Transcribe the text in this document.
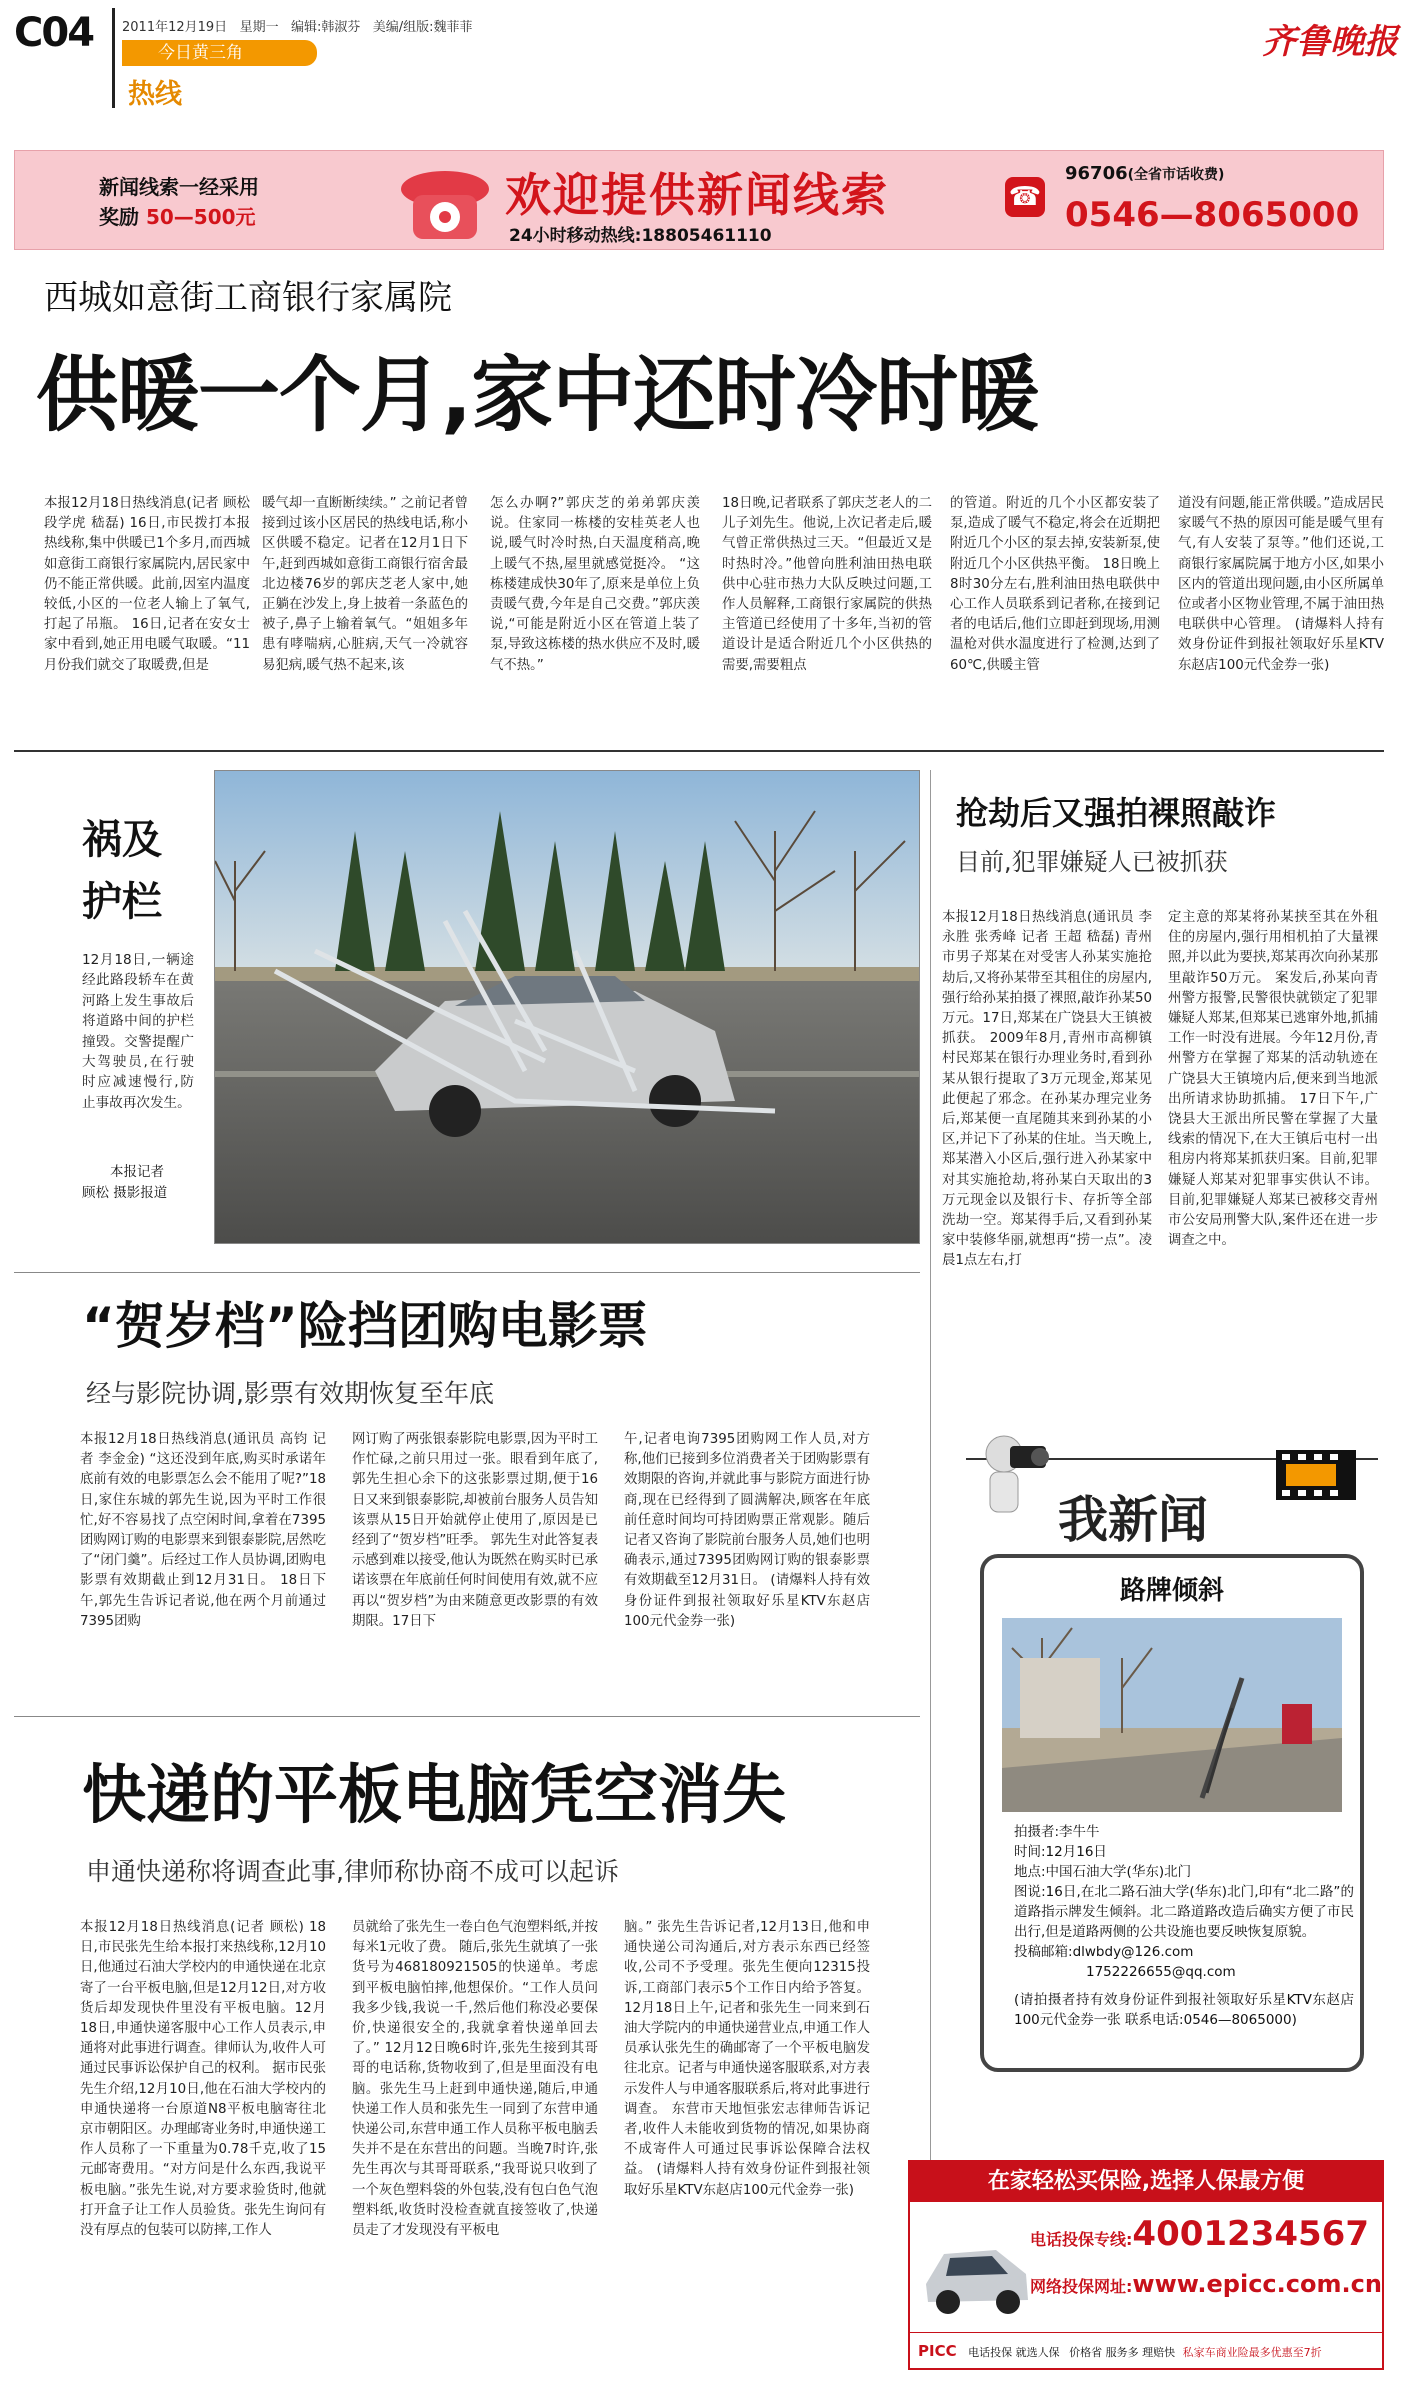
C04 2011年12月19日 星期一 编辑:韩淑芬 美编/组版:魏菲菲
今日黄三角
热线
齐鲁晚报
新闻线索一经采用
奖励 50—500元	欢迎提供新闻线索
24小时移动热线:18805461110
☎
96706(全省市话收费)
0546—8065000
西城如意街工商银行家属院
供暖一个月,家中还时冷时暖
本报12月18日热线消息(记者 顾松 段学虎 嵇磊) 16日,市民拨打本报热线称,集中供暖已1个多月,而西城如意街工商银行家属院内,居民家中仍不能正常供暖。此前,因室内温度较低,小区的一位老人输上了氧气,打起了吊瓶。 16日,记者在安女士家中看到,她正用电暖气取暖。“11月份我们就交了取暖费,但是
暖气却一直断断续续。” 之前记者曾接到过该小区居民的热线电话,称小区供暖不稳定。记者在12月1日下午,赶到西城如意街工商银行宿舍最北边楼76岁的郭庆芝老人家中,她正躺在沙发上,身上披着一条蓝色的被子,鼻子上输着氧气。“姐姐多年患有哮喘病,心脏病,天气一冷就容易犯病,暖气热不起来,该
怎么办啊?”郭庆芝的弟弟郭庆羡说。住家同一栋楼的安桂英老人也说,暖气时冷时热,白天温度稍高,晚上暖气不热,屋里就感觉挺冷。 “这栋楼建成快30年了,原来是单位上负责暖气费,今年是自己交费。”郭庆羡说,“可能是附近小区在管道上装了泵,导致这栋楼的热水供应不及时,暖气不热。”
18日晚,记者联系了郭庆芝老人的二儿子刘先生。他说,上次记者走后,暖气曾正常供热过三天。“但最近又是时热时冷。”他曾向胜利油田热电联供中心驻市热力大队反映过问题,工作人员解释,工商银行家属院的供热主管道已经使用了十多年,当初的管道设计是适合附近几个小区供热的需要,需要粗点
的管道。附近的几个小区都安装了泵,造成了暖气不稳定,将会在近期把附近几个小区的泵去掉,安装新泵,使附近几个小区供热平衡。 18日晚上8时30分左右,胜利油田热电联供中心工作人员联系到记者称,在接到记者的电话后,他们立即赶到现场,用测温枪对供水温度进行了检测,达到了60℃,供暖主管
道没有问题,能正常供暖。”造成居民家暖气不热的原因可能是暖气里有气,有人安装了泵等。”他们还说,工商银行家属院属于地方小区,如果小区内的管道出现问题,由小区所属单位或者小区物业管理,不属于油田热电联供中心管理。 (请爆料人持有效身份证件到报社领取好乐星KTV东赵店100元代金券一张)
祸及
护栏
12月18日,一辆途经此路段轿车在黄河路上发生事故后将道路中间的护栏撞毁。交警提醒广大驾驶员,在行驶时应减速慢行,防止事故再次发生。
本报记者
顾松 摄影报道
抢劫后又强拍裸照敲诈
目前,犯罪嫌疑人已被抓获
本报12月18日热线消息(通讯员 李永胜 张秀峰 记者 王超 嵇磊) 青州市男子郑某在对受害人孙某实施抢劫后,又将孙某带至其租住的房屋内,强行给孙某拍摄了裸照,敲诈孙某50万元。17日,郑某在广饶县大王镇被抓获。 2009年8月,青州市高柳镇村民郑某在银行办理业务时,看到孙某从银行提取了3万元现金,郑某见此便起了邪念。在孙某办理完业务后,郑某便一直尾随其来到孙某的小区,并记下了孙某的住址。当天晚上,郑某潜入小区后,强行进入孙某家中对其实施抢劫,将孙某白天取出的3万元现金以及银行卡、存折等全部洗劫一空。郑某得手后,又看到孙某家中装修华丽,就想再“捞一点”。凌晨1点左右,打
定主意的郑某将孙某挟至其在外租住的房屋内,强行用相机拍了大量裸照,并以此为要挟,郑某再次向孙某那里敲诈50万元。 案发后,孙某向青州警方报警,民警很快就锁定了犯罪嫌疑人郑某,但郑某已逃窜外地,抓捕工作一时没有进展。今年12月份,青州警方在掌握了郑某的活动轨迹在广饶县大王镇境内后,便来到当地派出所请求协助抓捕。 17日下午,广饶县大王派出所民警在掌握了大量线索的情况下,在大王镇后屯村一出租房内将郑某抓获归案。目前,犯罪嫌疑人郑某对犯罪事实供认不讳。目前,犯罪嫌疑人郑某已被移交青州市公安局刑警大队,案件还在进一步调查之中。
“贺岁档”险挡团购电影票
经与影院协调,影票有效期恢复至年底
本报12月18日热线消息(通讯员 高钧 记者 李金金) “这还没到年底,购买时承诺年底前有效的电影票怎么会不能用了呢?”18日,家住东城的郭先生说,因为平时工作很忙,好不容易找了点空闲时间,拿着在7395团购网订购的电影票来到银泰影院,居然吃了“闭门羹”。后经过工作人员协调,团购电影票有效期截止到12月31日。 18日下午,郭先生告诉记者说,他在两个月前通过7395团购
网订购了两张银泰影院电影票,因为平时工作忙碌,之前只用过一张。眼看到年底了,郭先生担心余下的这张影票过期,便于16日又来到银泰影院,却被前台服务人员告知该票从15日开始就停止使用了,原因是已经到了“贺岁档”旺季。 郭先生对此答复表示感到难以接受,他认为既然在购买时已承诺该票在年底前任何时间使用有效,就不应再以“贺岁档”为由来随意更改影票的有效期限。17日下
午,记者电询7395团购网工作人员,对方称,他们已接到多位消费者关于团购影票有效期限的咨询,并就此事与影院方面进行协商,现在已经得到了圆满解决,顾客在年底前任意时间均可持团购票正常观影。随后记者又咨询了影院前台服务人员,她们也明确表示,通过7395团购网订购的银泰影票有效期截至12月31日。 (请爆料人持有效身份证件到报社领取好乐星KTV东赵店100元代金券一张)
快递的平板电脑凭空消失
申通快递称将调查此事,律师称协商不成可以起诉
本报12月18日热线消息(记者 顾松) 18日,市民张先生给本报打来热线称,12月10日,他通过石油大学校内的申通快递在北京寄了一台平板电脑,但是12月12日,对方收货后却发现快件里没有平板电脑。12月18日,申通快递客服中心工作人员表示,申通将对此事进行调查。律师认为,收件人可通过民事诉讼保护自己的权利。 据市民张先生介绍,12月10日,他在石油大学校内的申通快递将一台原道N8平板电脑寄往北京市朝阳区。办理邮寄业务时,申通快递工作人员称了一下重量为0.78千克,收了15元邮寄费用。“对方问是什么东西,我说平板电脑。”张先生说,对方要求验货时,他就打开盒子让工作人员验货。张先生询问有没有厚点的包装可以防摔,工作人
员就给了张先生一卷白色气泡塑料纸,并按每米1元收了费。 随后,张先生就填了一张货号为468180921505的快递单。考虑到平板电脑怕摔,他想保价。“工作人员问我多少钱,我说一千,然后他们称没必要保价,快递很安全的,我就拿着快递单回去了。” 12月12日晚6时许,张先生接到其哥哥的电话称,货物收到了,但是里面没有电脑。张先生马上赶到申通快递,随后,申通快递工作人员和张先生一同到了东营申通快递公司,东营申通工作人员称平板电脑丢失并不是在东营出的问题。当晚7时许,张先生再次与其哥哥联系,“我哥说只收到了一个灰色塑料袋的外包装,没有包白色气泡塑料纸,收货时没检查就直接签收了,快递员走了才发现没有平板电
脑。” 张先生告诉记者,12月13日,他和申通快递公司沟通后,对方表示东西已经签收,公司不予受理。张先生便向12315投诉,工商部门表示5个工作日内给予答复。 12月18日上午,记者和张先生一同来到石油大学院内的申通快递营业点,申通工作人员承认张先生的确邮寄了一个平板电脑发往北京。记者与申通快递客服联系,对方表示发件人与申通客服联系后,将对此事进行调查。 东营市天地恒张宏志律师告诉记者,收件人未能收到货物的情况,如果协商不成寄件人可通过民事诉讼保障合法权益。 (请爆料人持有效身份证件到报社领取好乐星KTV东赵店100元代金券一张)
我新闻
路牌倾斜
拍摄者:李牛牛
时间:12月16日
地点:中国石油大学(华东)北门
图说:16日,在北二路石油大学(华东)北门,印有“北二路”的道路指示牌发生倾斜。北二路道路改造后确实方便了市民出行,但是道路两侧的公共设施也要反映恢复原貌。
投稿邮箱:dlwbdy@126.com
1752226655@qq.com
(请拍摄者持有效身份证件到报社领取好乐星KTV东赵店100元代金券一张 联系电话:0546—8065000)
在家轻松买保险,选择人保最方便
电话投保专线:4001234567
网络投保网址:www.epicc.com.cn
PICC 电话投保 就选人保 价格省 服务多 理赔快 私家车商业险最多优惠至7折
